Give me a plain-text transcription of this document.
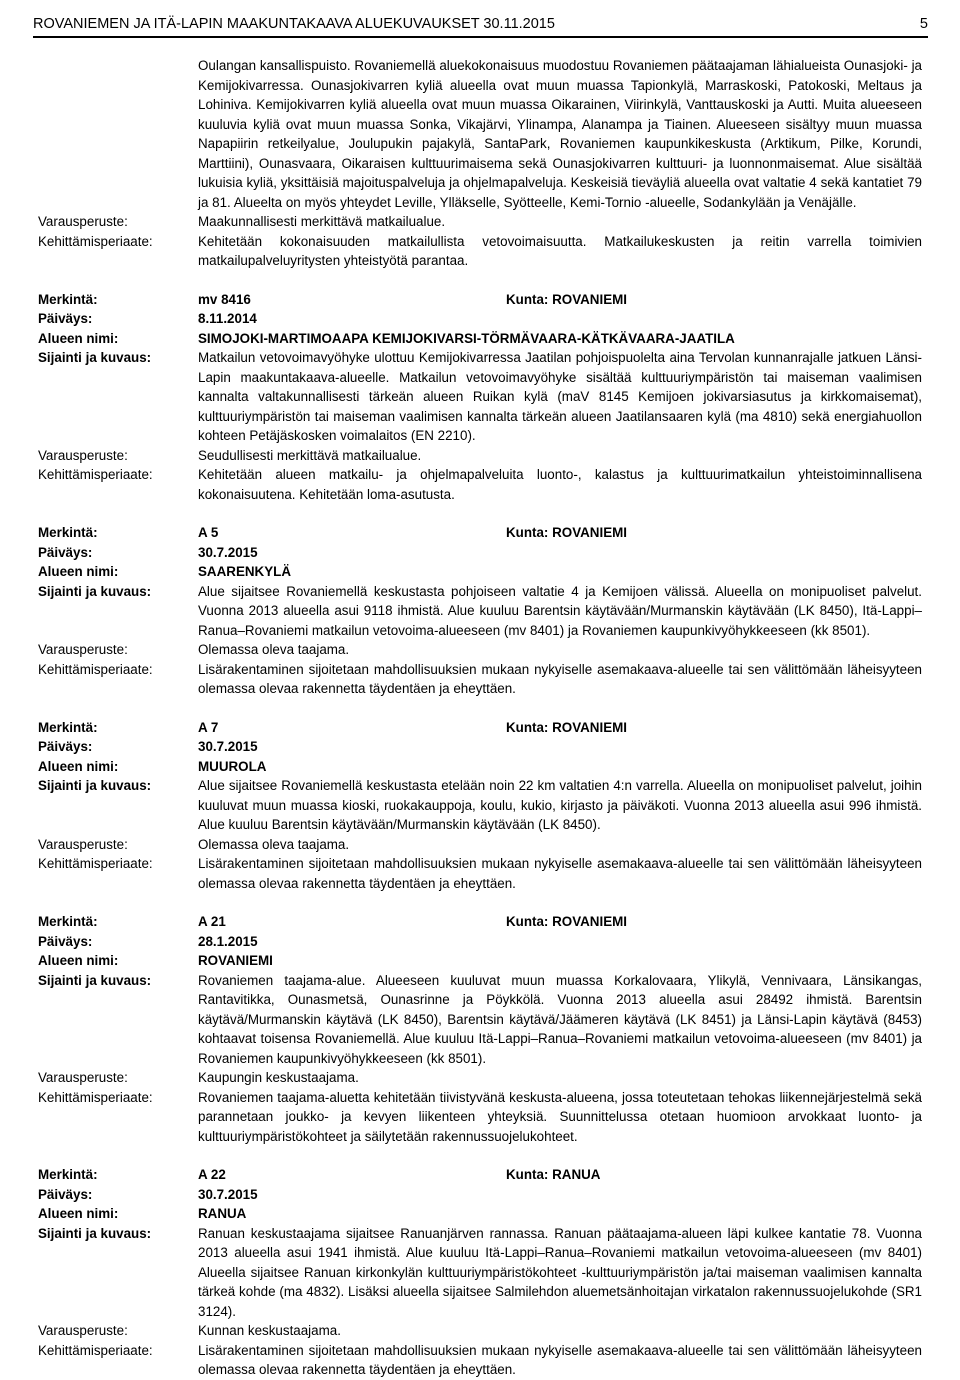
ROVANIEMEN JA ITÄ-LAPIN MAAKUNTAKAAVA ALUEKUVAUKSET 30.11.2015	5
Oulangan kansallispuisto. Rovaniemellä aluekokonaisuus muodostuu Rovaniemen päätaajaman lähialueista Ounasjoki- ja Kemijokivarressa. Ounasjokivarren kyliä alueella ovat muun muassa Tapionkylä, Marraskoski, Patokoski, Meltaus ja Lohiniva. Kemijokivarren kyliä alueella ovat muun muassa Oikarainen, Viirinkylä, Vanttauskoski ja Autti. Muita alueeseen kuuluvia kyliä ovat muun muassa Sonka, Vikajärvi, Ylinampa, Alanampa ja Tiainen. Alueeseen sisältyy muun muassa Napapiirin retkeilyalue, Joulupukin pajakylä, SantaPark, Rovaniemen kaupunkikeskusta (Arktikum, Pilke, Korundi, Marttiini), Ounasvaara, Oikaraisen kulttuurimaisema sekä Ounasjokivarren kulttuuri- ja luonnonmaisemat. Alue sisältää lukuisia kyliä, yksittäisiä majoituspalveluja ja ohjelmapalveluja. Keskeisiä tieväyliä alueella ovat valtatie 4 sekä kantatiet 79 ja 81. Alueelta on myös yhteydet Leville, Ylläkselle, Syötteelle, Kemi-Tornio -alueelle, Sodankylään ja Venäjälle.
Varausperuste:	Maakunnallisesti merkittävä matkailualue.
Kehittämisperiaate:	Kehitetään kokonaisuuden matkailullista vetovoimaisuutta. Matkailukeskusten ja reitin varrella toimivien matkailupalveluyritysten yhteistyötä parantaa.
Merkintä:	mv 8416	Kunta: ROVANIEMI
Päiväys:	8.11.2014
Alueen nimi:	SIMOJOKI-MARTIMOAAPA KEMIJOKIVARSI-TÖRMÄVAARA-KÄTKÄVAARA-JAATILA
Sijainti ja kuvaus:	Matkailun vetovoimavyöhyke ulottuu Kemijokivarressa Jaatilan pohjoispuolelta aina Tervolan kunnanrajalle jatkuen Länsi-Lapin maakuntakaava-alueelle. Matkailun vetovoimavyöhyke sisältää kulttuuriympäristön tai maiseman vaalimisen kannalta valtakunnallisesti tärkeän alueen Ruikan kylä (maV 8145 Kemijoen jokivarsiasutus ja kirkkomaisemat), kulttuuriympäristön tai maiseman vaalimisen kannalta tärkeän alueen Jaatilansaaren kylä (ma 4810) sekä energiahuollon kohteen Petäjäskosken voimalaitos (EN 2210).
Varausperuste:	Seudullisesti merkittävä matkailualue.
Kehittämisperiaate:	Kehitetään alueen matkailu- ja ohjelmapalveluita luonto-, kalastus ja kulttuurimatkailun yhteistoiminnallisena kokonaisuutena. Kehitetään loma-asutusta.
Merkintä:	A 5	Kunta: ROVANIEMI
Päiväys:	30.7.2015
Alueen nimi:	SAARENKYLÄ
Sijainti ja kuvaus:	Alue sijaitsee Rovaniemellä keskustasta pohjoiseen valtatie 4 ja Kemijoen välissä. Alueella on monipuoliset palvelut. Vuonna 2013 alueella asui 9118 ihmistä. Alue kuuluu Barentsin käytävään/Murmanskin käytävään (LK 8450), Itä-Lappi–Ranua–Rovaniemi matkailun vetovoima-alueeseen (mv 8401) ja Rovaniemen kaupunkivyöhykkeeseen (kk 8501).
Varausperuste:	Olemassa oleva taajama.
Kehittämisperiaate:	Lisärakentaminen sijoitetaan mahdollisuuksien mukaan nykyiselle asemakaava-alueelle tai sen välittömään läheisyyteen olemassa olevaa rakennetta täydentäen ja eheyttäen.
Merkintä:	A 7	Kunta: ROVANIEMI
Päiväys:	30.7.2015
Alueen nimi:	MUUROLA
Sijainti ja kuvaus:	Alue sijaitsee Rovaniemellä keskustasta etelään noin 22 km valtatien 4:n varrella. Alueella on monipuoliset palvelut, joihin kuuluvat muun muassa kioski, ruokakauppoja, koulu, kukio, kirjasto ja päiväkoti. Vuonna 2013 alueella asui 996 ihmistä. Alue kuuluu Barentsin käytävään/Murmanskin käytävään (LK 8450).
Varausperuste:	Olemassa oleva taajama.
Kehittämisperiaate:	Lisärakentaminen sijoitetaan mahdollisuuksien mukaan nykyiselle asemakaava-alueelle tai sen välittömään läheisyyteen olemassa olevaa rakennetta täydentäen ja eheyttäen.
Merkintä:	A 21	Kunta: ROVANIEMI
Päiväys:	28.1.2015
Alueen nimi:	ROVANIEMI
Sijainti ja kuvaus:	Rovaniemen taajama-alue. Alueeseen kuuluvat muun muassa Korkalovaara, Ylikylä, Vennivaara, Länsikangas, Rantavitikka, Ounasmetsä, Ounasrinne ja Pöykkölä. Vuonna 2013 alueella asui 28492 ihmistä. Barentsin käytävä/Murmanskin käytävä (LK 8450), Barentsin käytävä/Jäämeren käytävä (LK 8451) ja Länsi-Lapin käytävä (8453) kohtaavat toisensa Rovaniemellä. Alue kuuluu Itä-Lappi–Ranua–Rovaniemi matkailun vetovoima-alueeseen (mv 8401) ja Rovaniemen kaupunkivyöhykkeeseen (kk 8501).
Varausperuste:	Kaupungin keskustaajama.
Kehittämisperiaate:	Rovaniemen taajama-aluetta kehitetään tiivistyvänä keskusta-alueena, jossa toteutetaan tehokas liikennejärjestelmä sekä parannetaan joukko- ja kevyen liikenteen yhteyksiä. Suunnittelussa otetaan huomioon arvokkaat luonto- ja kulttuuriympäristökohteet ja säilytetään rakennussuojelukohteet.
Merkintä:	A 22	Kunta: RANUA
Päiväys:	30.7.2015
Alueen nimi:	RANUA
Sijainti ja kuvaus:	Ranuan keskustaajama sijaitsee Ranuanjärven rannassa. Ranuan päätaajama-alueen läpi kulkee kantatie 78. Vuonna 2013 alueella asui 1941 ihmistä. Alue kuuluu Itä-Lappi–Ranua–Rovaniemi matkailun vetovoima-alueeseen (mv 8401) Alueella sijaitsee Ranuan kirkonkylän kulttuuriympäristökohteet -kulttuuriympäristön ja/tai maiseman vaalimisen kannalta tärkeä kohde (ma 4832). Lisäksi alueella sijaitsee Salmilehdon aluemetsänhoitajan virkatalon rakennussuojelukohde (SR1 3124).
Varausperuste:	Kunnan keskustaajama.
Kehittämisperiaate:	Lisärakentaminen sijoitetaan mahdollisuuksien mukaan nykyiselle asemakaava-alueelle tai sen välittömään läheisyyteen olemassa olevaa rakennetta täydentäen ja eheyttäen.
